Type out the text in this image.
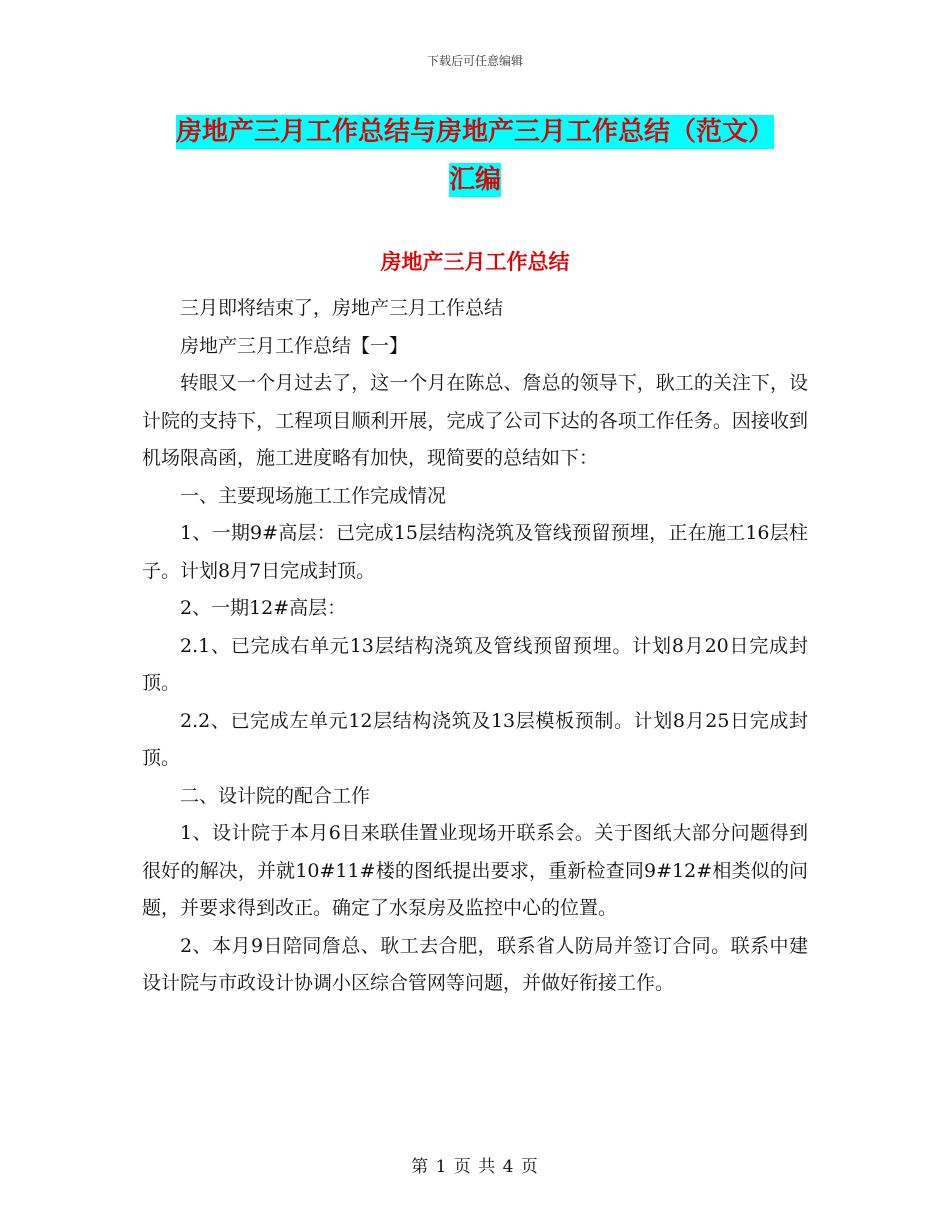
下载后可任意编辑
房地产三月工作总结与房地产三月工作总结（范文）
汇编
房地产三月工作总结

三月即将结束了，房地产三月工作总结

房地产三月工作总结【一】

转眼又一个月过去了，这一个月在陈总、詹总的领导下，耿工的关注下，设计院的支持下，工程项目顺利开展，完成了公司下达的各项工作任务。因接收到机场限高函，施工进度略有加快，现简要的总结如下：

一、主要现场施工工作完成情况

1、一期9#高层：已完成15层结构浇筑及管线预留预埋，正在施工16层柱子。计划8月7日完成封顶。

2、一期12#高层：

2.1、已完成右单元13层结构浇筑及管线预留预埋。计划8月20日完成封顶。

2.2、已完成左单元12层结构浇筑及13层模板预制。计划8月25日完成封顶。

二、设计院的配合工作

1、设计院于本月6日来联佳置业现场开联系会。关于图纸大部分问题得到很好的解决，并就10#11#楼的图纸提出要求，重新检查同9#12#相类似的问题，并要求得到改正。确定了水泵房及监控中心的位置。

2、本月9日陪同詹总、耿工去合肥，联系省人防局并签订合同。联系中建设计院与市政设计协调小区综合管网等问题，并做好衔接工作。

第 1 页 共 4 页
